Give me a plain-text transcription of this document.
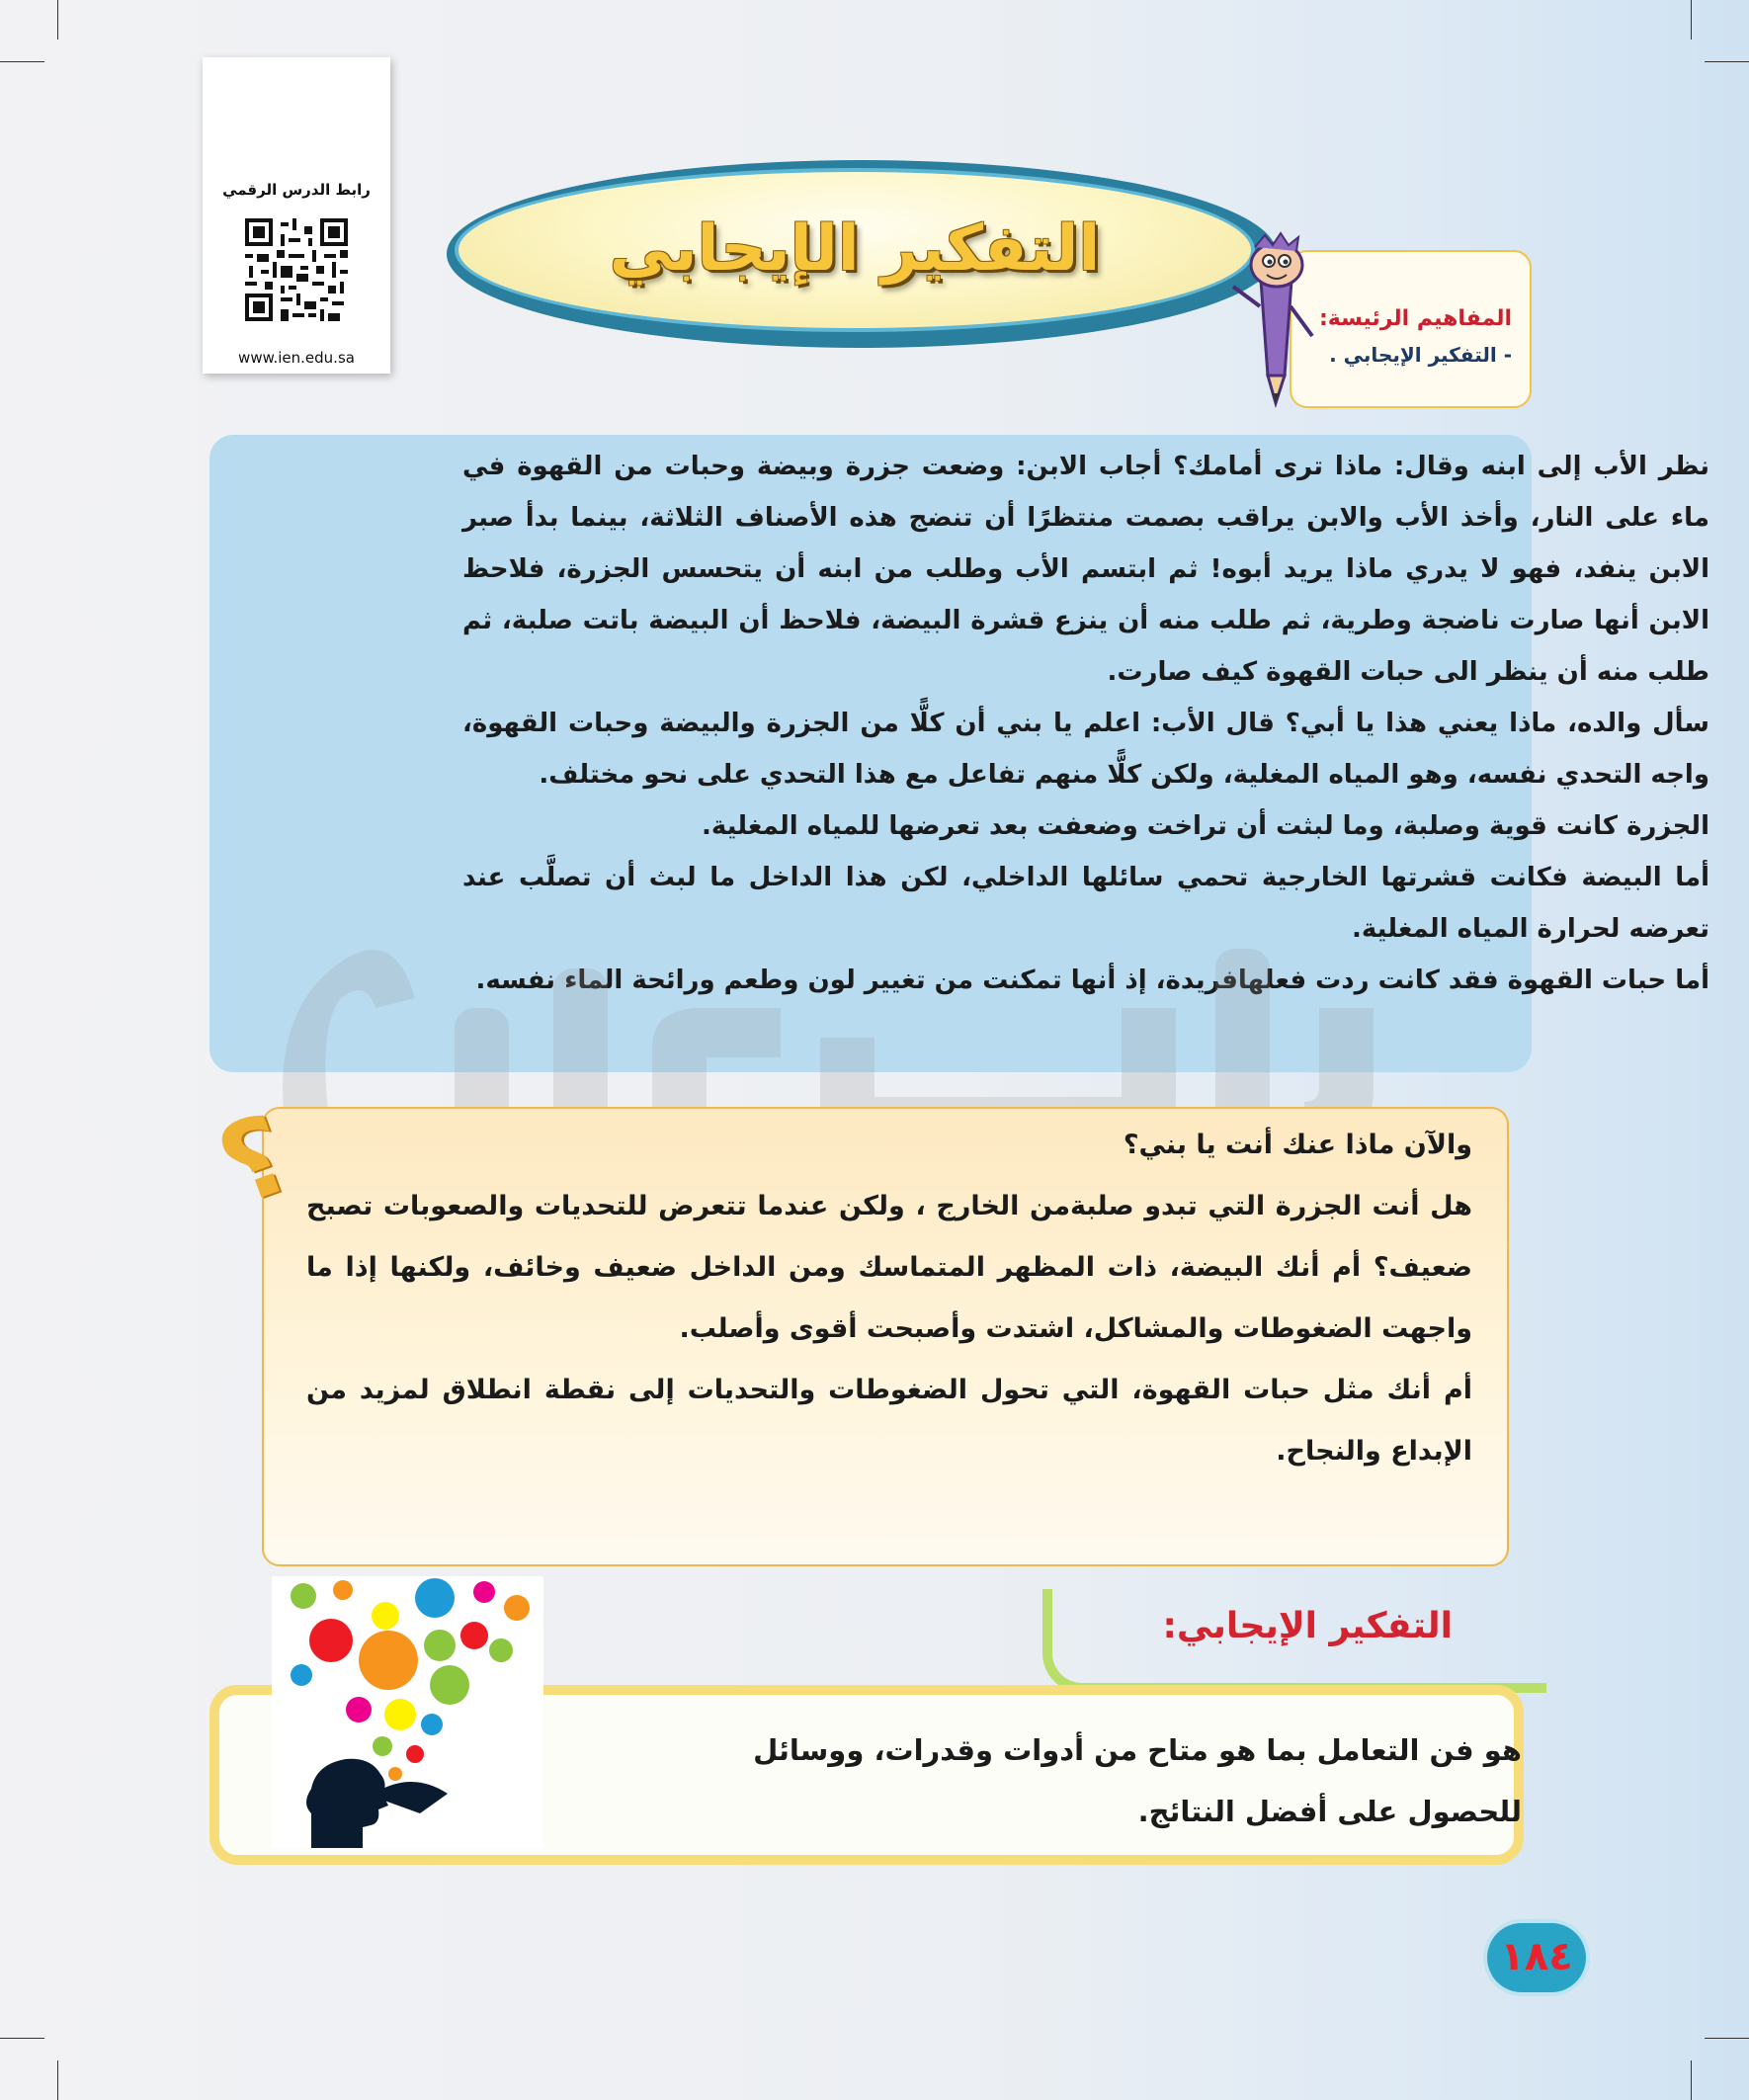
رابط الدرس الرقمي
www.ien.edu.sa
التفكير الإيجابي
المفاهيم الرئيسة:
- التفكير الإيجابي .

نظر الأب إلى ابنه وقال: ماذا ترى أمامك؟ أجاب الابن: وضعت جزرة وبيضة وحبات من القهوة في ماء على النار، وأخذ الأب والابن يراقب بصمت منتظرًا أن تنضج هذه الأصناف الثلاثة، بينما بدأ صبر الابن ينفد، فهو لا يدري ماذا يريد أبوه! ثم ابتسم الأب وطلب من ابنه أن يتحسس الجزرة، فلاحظ الابن أنها صارت ناضجة وطرية، ثم طلب منه أن ينزع قشرة البيضة، فلاحظ أن البيضة باتت صلبة، ثم طلب منه أن ينظر الى حبات القهوة كيف صارت.

سأل والده، ماذا يعني هذا يا أبي؟ قال الأب: اعلم يا بني أن كلًّا من الجزرة والبيضة وحبات القهوة، واجه التحدي نفسه، وهو المياه المغلية، ولكن كلًّا منهم تفاعل مع هذا التحدي على نحو مختلف.

الجزرة كانت قوية وصلبة، وما لبثت أن تراخت وضعفت بعد تعرضها للمياه المغلية.

أما البيضة فكانت قشرتها الخارجية تحمي سائلها الداخلي، لكن هذا الداخل ما لبث أن تصلَّب عند تعرضه لحرارة المياه المغلية.

أما حبات القهوة فقد كانت ردت فعلهافريدة، إذ أنها تمكنت من تغيير لون وطعم ورائحة الماء نفسه.

؟	والآن ماذا عنك أنت يا بني؟

هل أنت الجزرة التي تبدو صلبةمن الخارج ، ولكن عندما تتعرض للتحديات والصعوبات تصبح ضعيف؟ أم أنك البيضة، ذات المظهر المتماسك ومن الداخل ضعيف وخائف، ولكنها إذا ما واجهت الضغوطات والمشاكل، اشتدت وأصبحت أقوى وأصلب.

أم أنك مثل حبات القهوة، التي تحول الضغوطات والتحديات إلى نقطة انطلاق لمزيد من الإبداع والنجاح.

التفكير الإيجابي:

هو فن التعامل بما هو متاح من أدوات وقدرات، ووسائل للحصول على أفضل النتائج.

١٨٤
